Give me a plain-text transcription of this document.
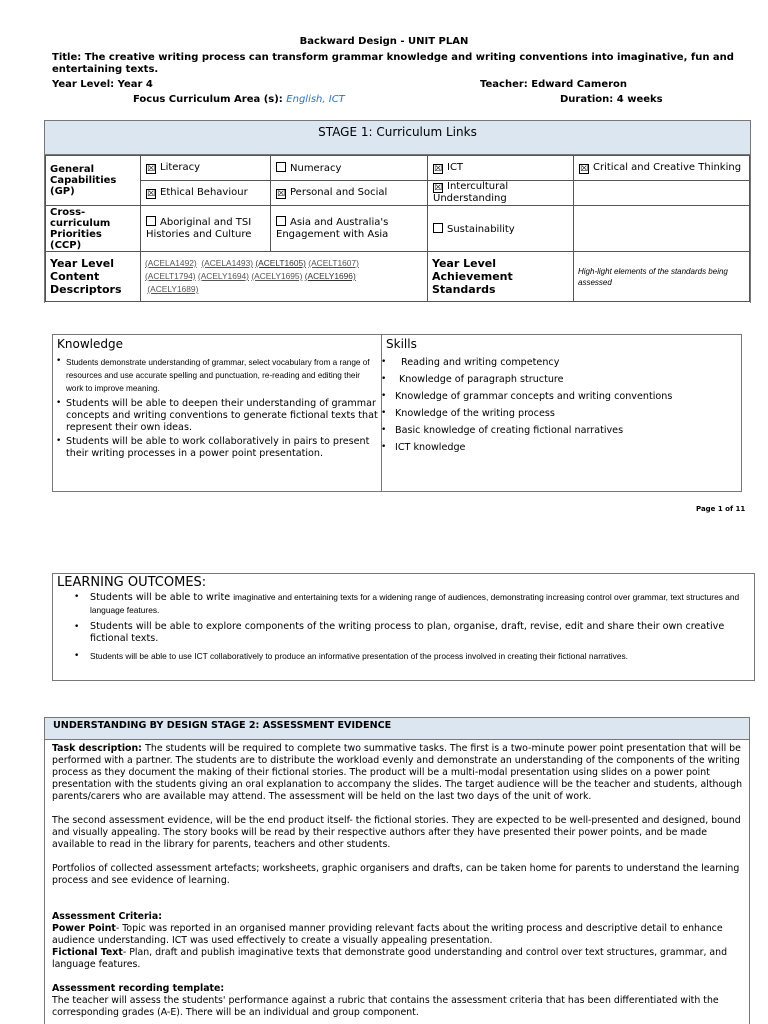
Backward Design - UNIT PLAN
Title: The creative writing process can transform grammar knowledge and writing conventions into imaginative, fun and entertaining texts.
Year Level: Year 4	Teacher: Edward Cameron
Focus Curriculum Area (s): English, ICT	Duration: 4 weeks
STAGE 1: Curriculum Links
General Capabilities (GP)	☒ Literacy	Numeracy	☒ ICT	☒ Critical and Creative Thinking
	☒ Ethical Behaviour	☒ Personal and Social	☒ Intercultural Understanding	
Cross-curriculum Priorities (CCP)	Aboriginal and TSI Histories and Culture	Asia and Australia's Engagement with Asia	Sustainability	
Year Level Content Descriptors	(ACELA1492) (ACELA1493) (ACELT1605) (ACELT1607)
(ACELT1794) (ACELY1694) (ACELY1695) (ACELY1696)
(ACELY1689)		Year Level Achievement Standards	High-light elements of the standards being assessed
Knowledge	Skills
• Students demonstrate understanding of grammar, select vocabulary from a range of resources and use accurate spelling and punctuation, re-reading and editing their work to improve meaning.
• Students will be able to deepen their understanding of grammar concepts and writing conventions to generate fictional texts that represent their own ideas.
• Students will be able to work collaboratively in pairs to present their writing processes in a power point presentation.
• Reading and writing competency
• Knowledge of paragraph structure
• Knowledge of grammar concepts and writing conventions
• Knowledge of the writing process
• Basic knowledge of creating fictional narratives
• ICT knowledge
Page 1 of 11
LEARNING OUTCOMES:
• Students will be able to write imaginative and entertaining texts for a widening range of audiences, demonstrating increasing control over grammar, text structures and language features.
• Students will be able to explore components of the writing process to plan, organise, draft, revise, edit and share their own creative fictional texts.
• Students will be able to use ICT collaboratively to produce an informative presentation of the process involved in creating their fictional narratives.
UNDERSTANDING BY DESIGN STAGE 2: ASSESSMENT EVIDENCE

Task description: The students will be required to complete two summative tasks. The first is a two-minute power point presentation that will be performed with a partner. The students are to distribute the workload evenly and demonstrate an understanding of the components of the writing process as they document the making of their fictional stories. The product will be a multi-modal presentation using slides on a power point presentation with the students giving an oral explanation to accompany the slides. The target audience will be the teacher and students, although parents/carers who are available may attend. The assessment will be held on the last two days of the unit of work.

The second assessment evidence, will be the end product itself- the fictional stories. They are expected to be well-presented and designed, bound and visually appealing. The story books will be read by their respective authors after they have presented their power points, and be made available to read in the library for parents, teachers and other students.

Portfolios of collected assessment artefacts; worksheets, graphic organisers and drafts, can be taken home for parents to understand the learning process and see evidence of learning.

Assessment Criteria:

Power Point- Topic was reported in an organised manner providing relevant facts about the writing process and descriptive detail to enhance audience understanding. ICT was used effectively to create a visually appealing presentation.

Fictional Text- Plan, draft and publish imaginative texts that demonstrate good understanding and control over text structures, grammar, and language features.

Assessment recording template:

The teacher will assess the students' performance against a rubric that contains the assessment criteria that has been differentiated with the corresponding grades (A-E). There will be an individual and group component.
